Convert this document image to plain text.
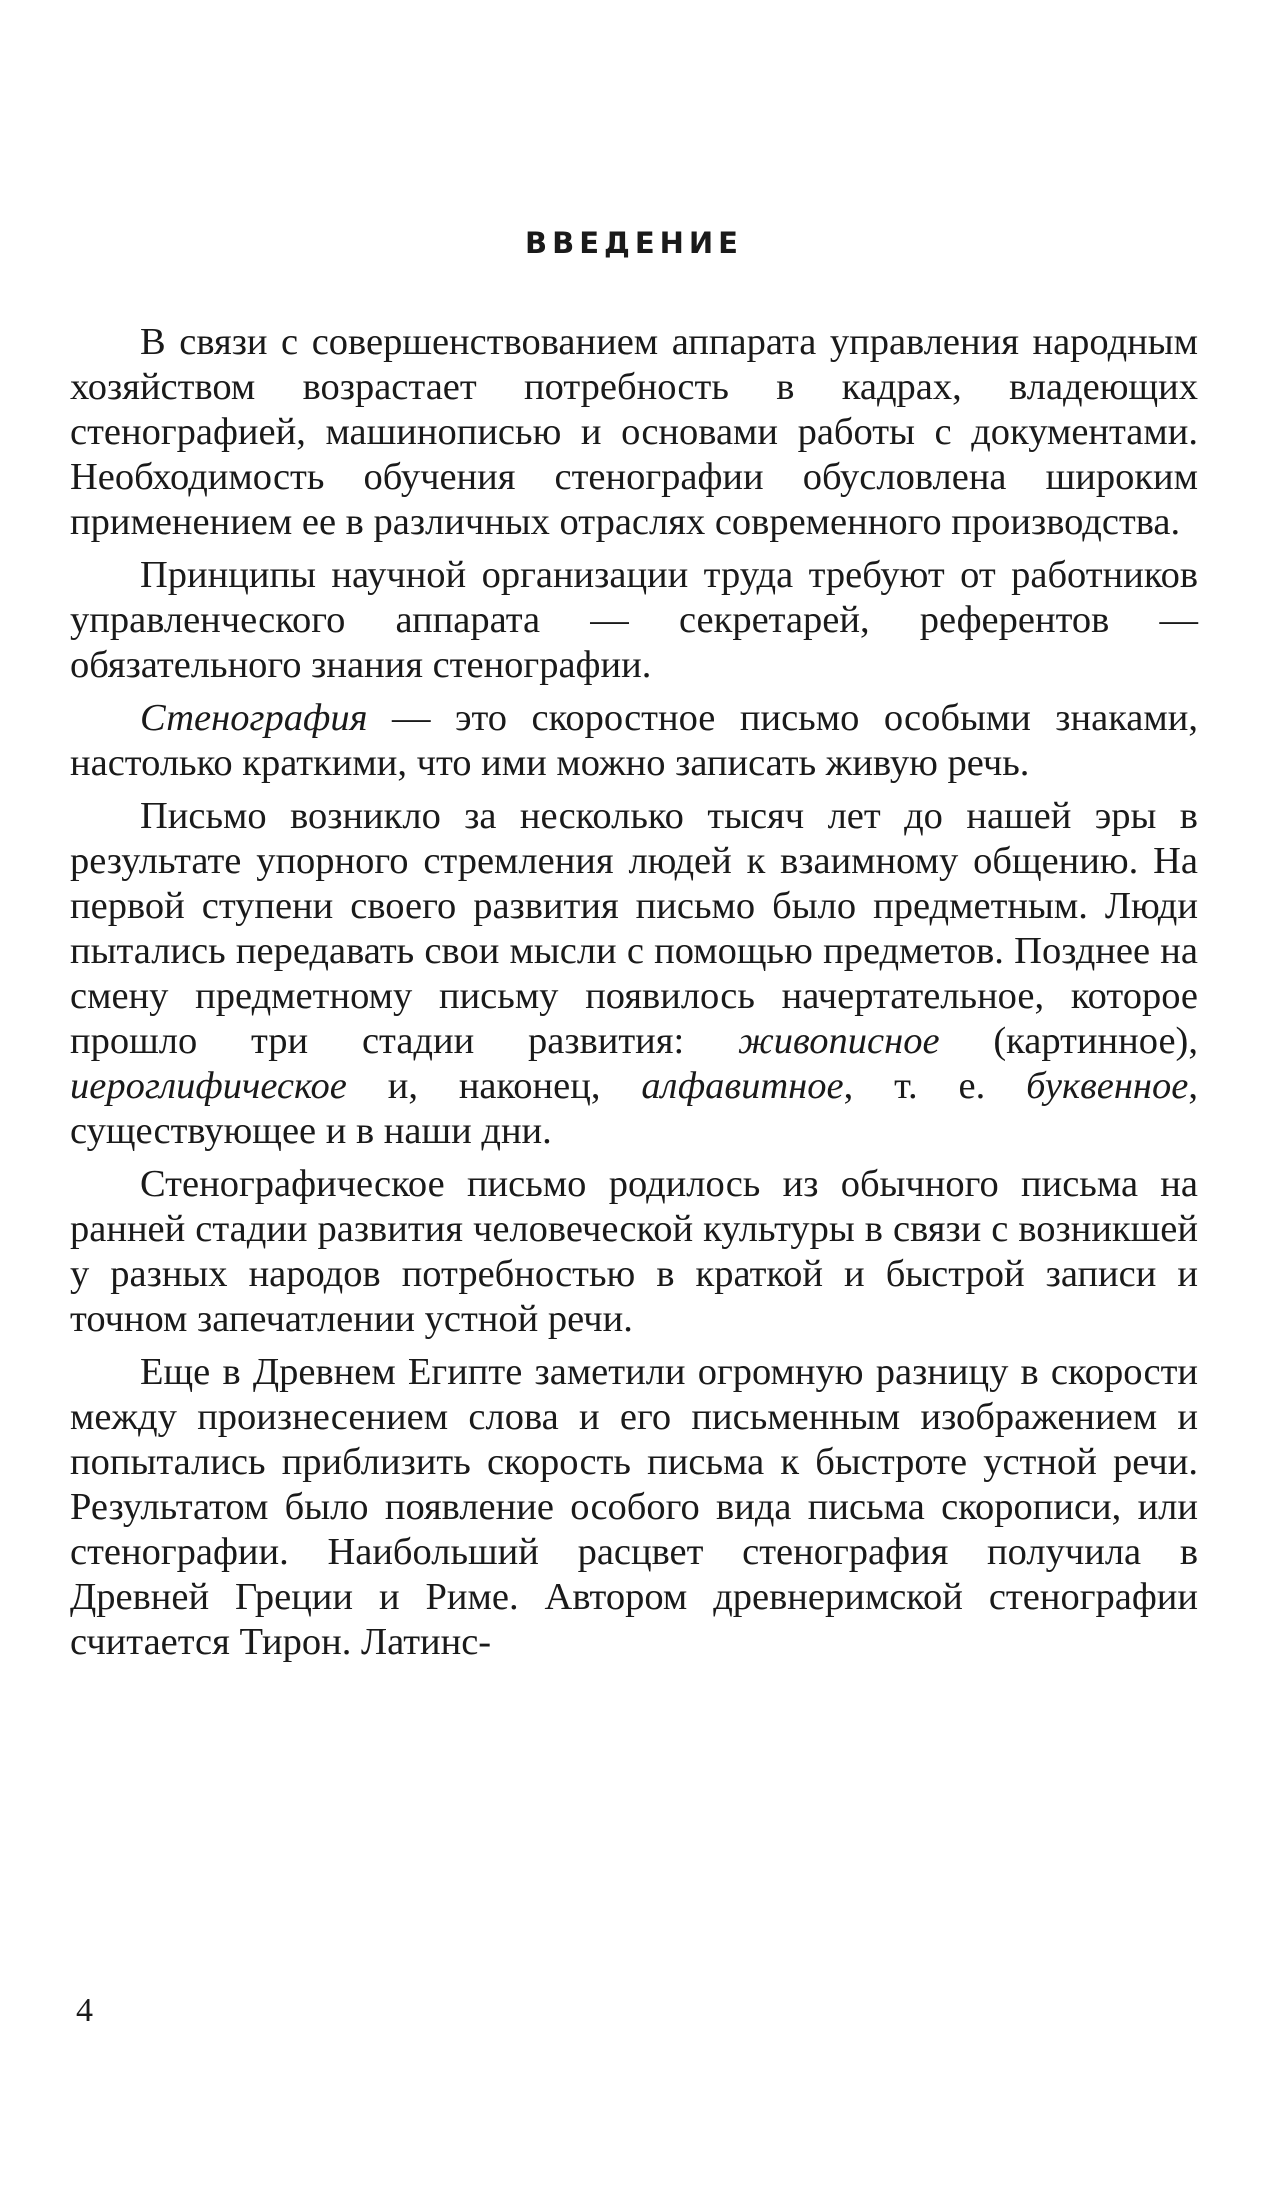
ВВЕДЕНИЕ

В связи с совершенствованием аппарата управления народным хозяйством возрастает потребность в кадрах, владеющих стенографией, машинописью и основами работы с документами. Необходимость обучения стенографии обусловлена широким применением ее в различных отраслях современного производства.

Принципы научной организации труда требуют от работников управленческого аппарата — секретарей, референтов — обязательного знания стенографии.

Стенография — это скоростное письмо особыми знаками, настолько краткими, что ими можно записать живую речь.

Письмо возникло за несколько тысяч лет до нашей эры в результате упорного стремления людей к взаимному общению. На первой ступени своего развития письмо было предметным. Люди пытались передавать свои мысли с помощью предметов. Позднее на смену предметному письму появилось начертательное, которое прошло три стадии развития: живописное (картинное), иероглифическое и, наконец, алфавитное, т. е. буквенное, существующее и в наши дни.

Стенографическое письмо родилось из обычного письма на ранней стадии развития человеческой культуры в связи с возникшей у разных народов потребностью в краткой и быстрой записи и точном запечатлении устной речи.

Еще в Древнем Египте заметили огромную разницу в скорости между произнесением слова и его письменным изображением и попытались приблизить скорость письма к быстроте устной речи. Результатом было появление особого вида письма скорописи, или стенографии. Наибольший расцвет стенография получила в Древней Греции и Риме. Автором древнеримской стенографии считается Тирон. Латинс-

4
